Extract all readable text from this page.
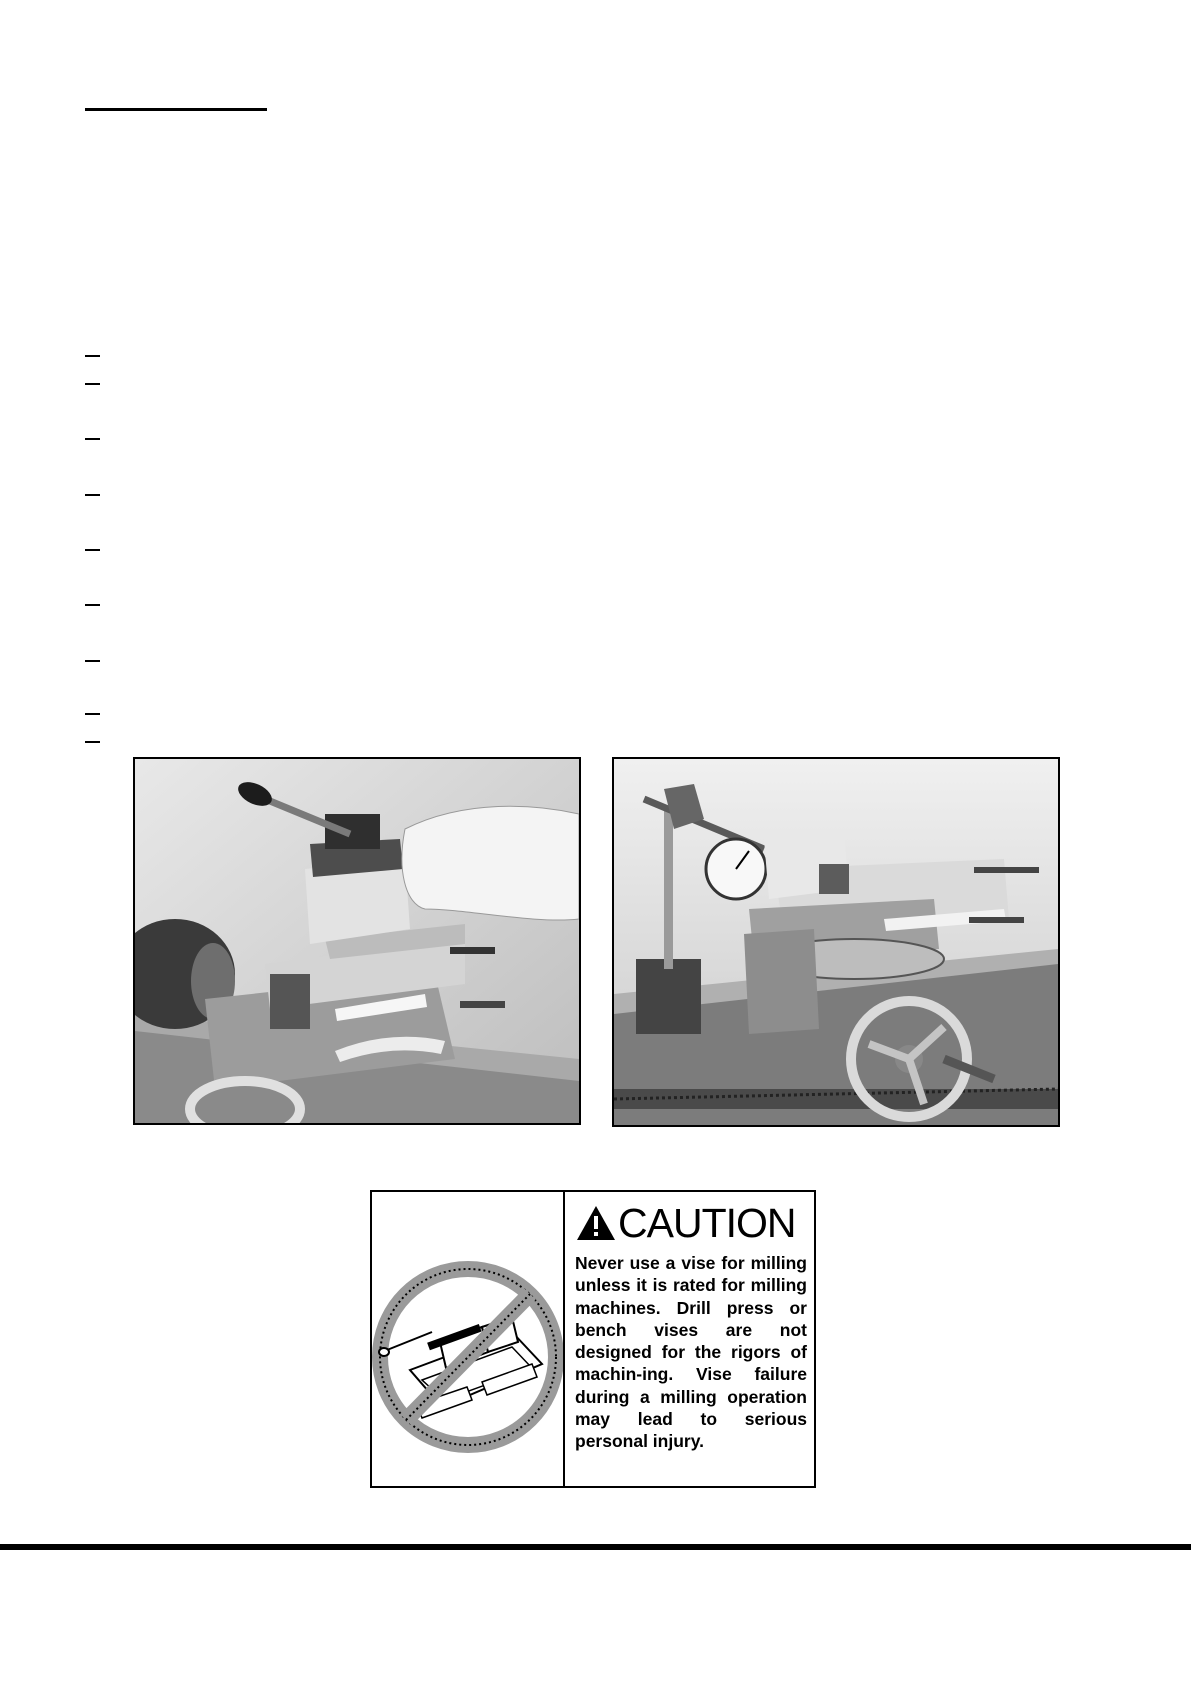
CAUTION
Never use a vise for milling unless it is rated for milling machines. Drill press or bench vises are not designed for the rigors of machin-ing. Vise failure during a milling operation may lead to serious personal injury.
